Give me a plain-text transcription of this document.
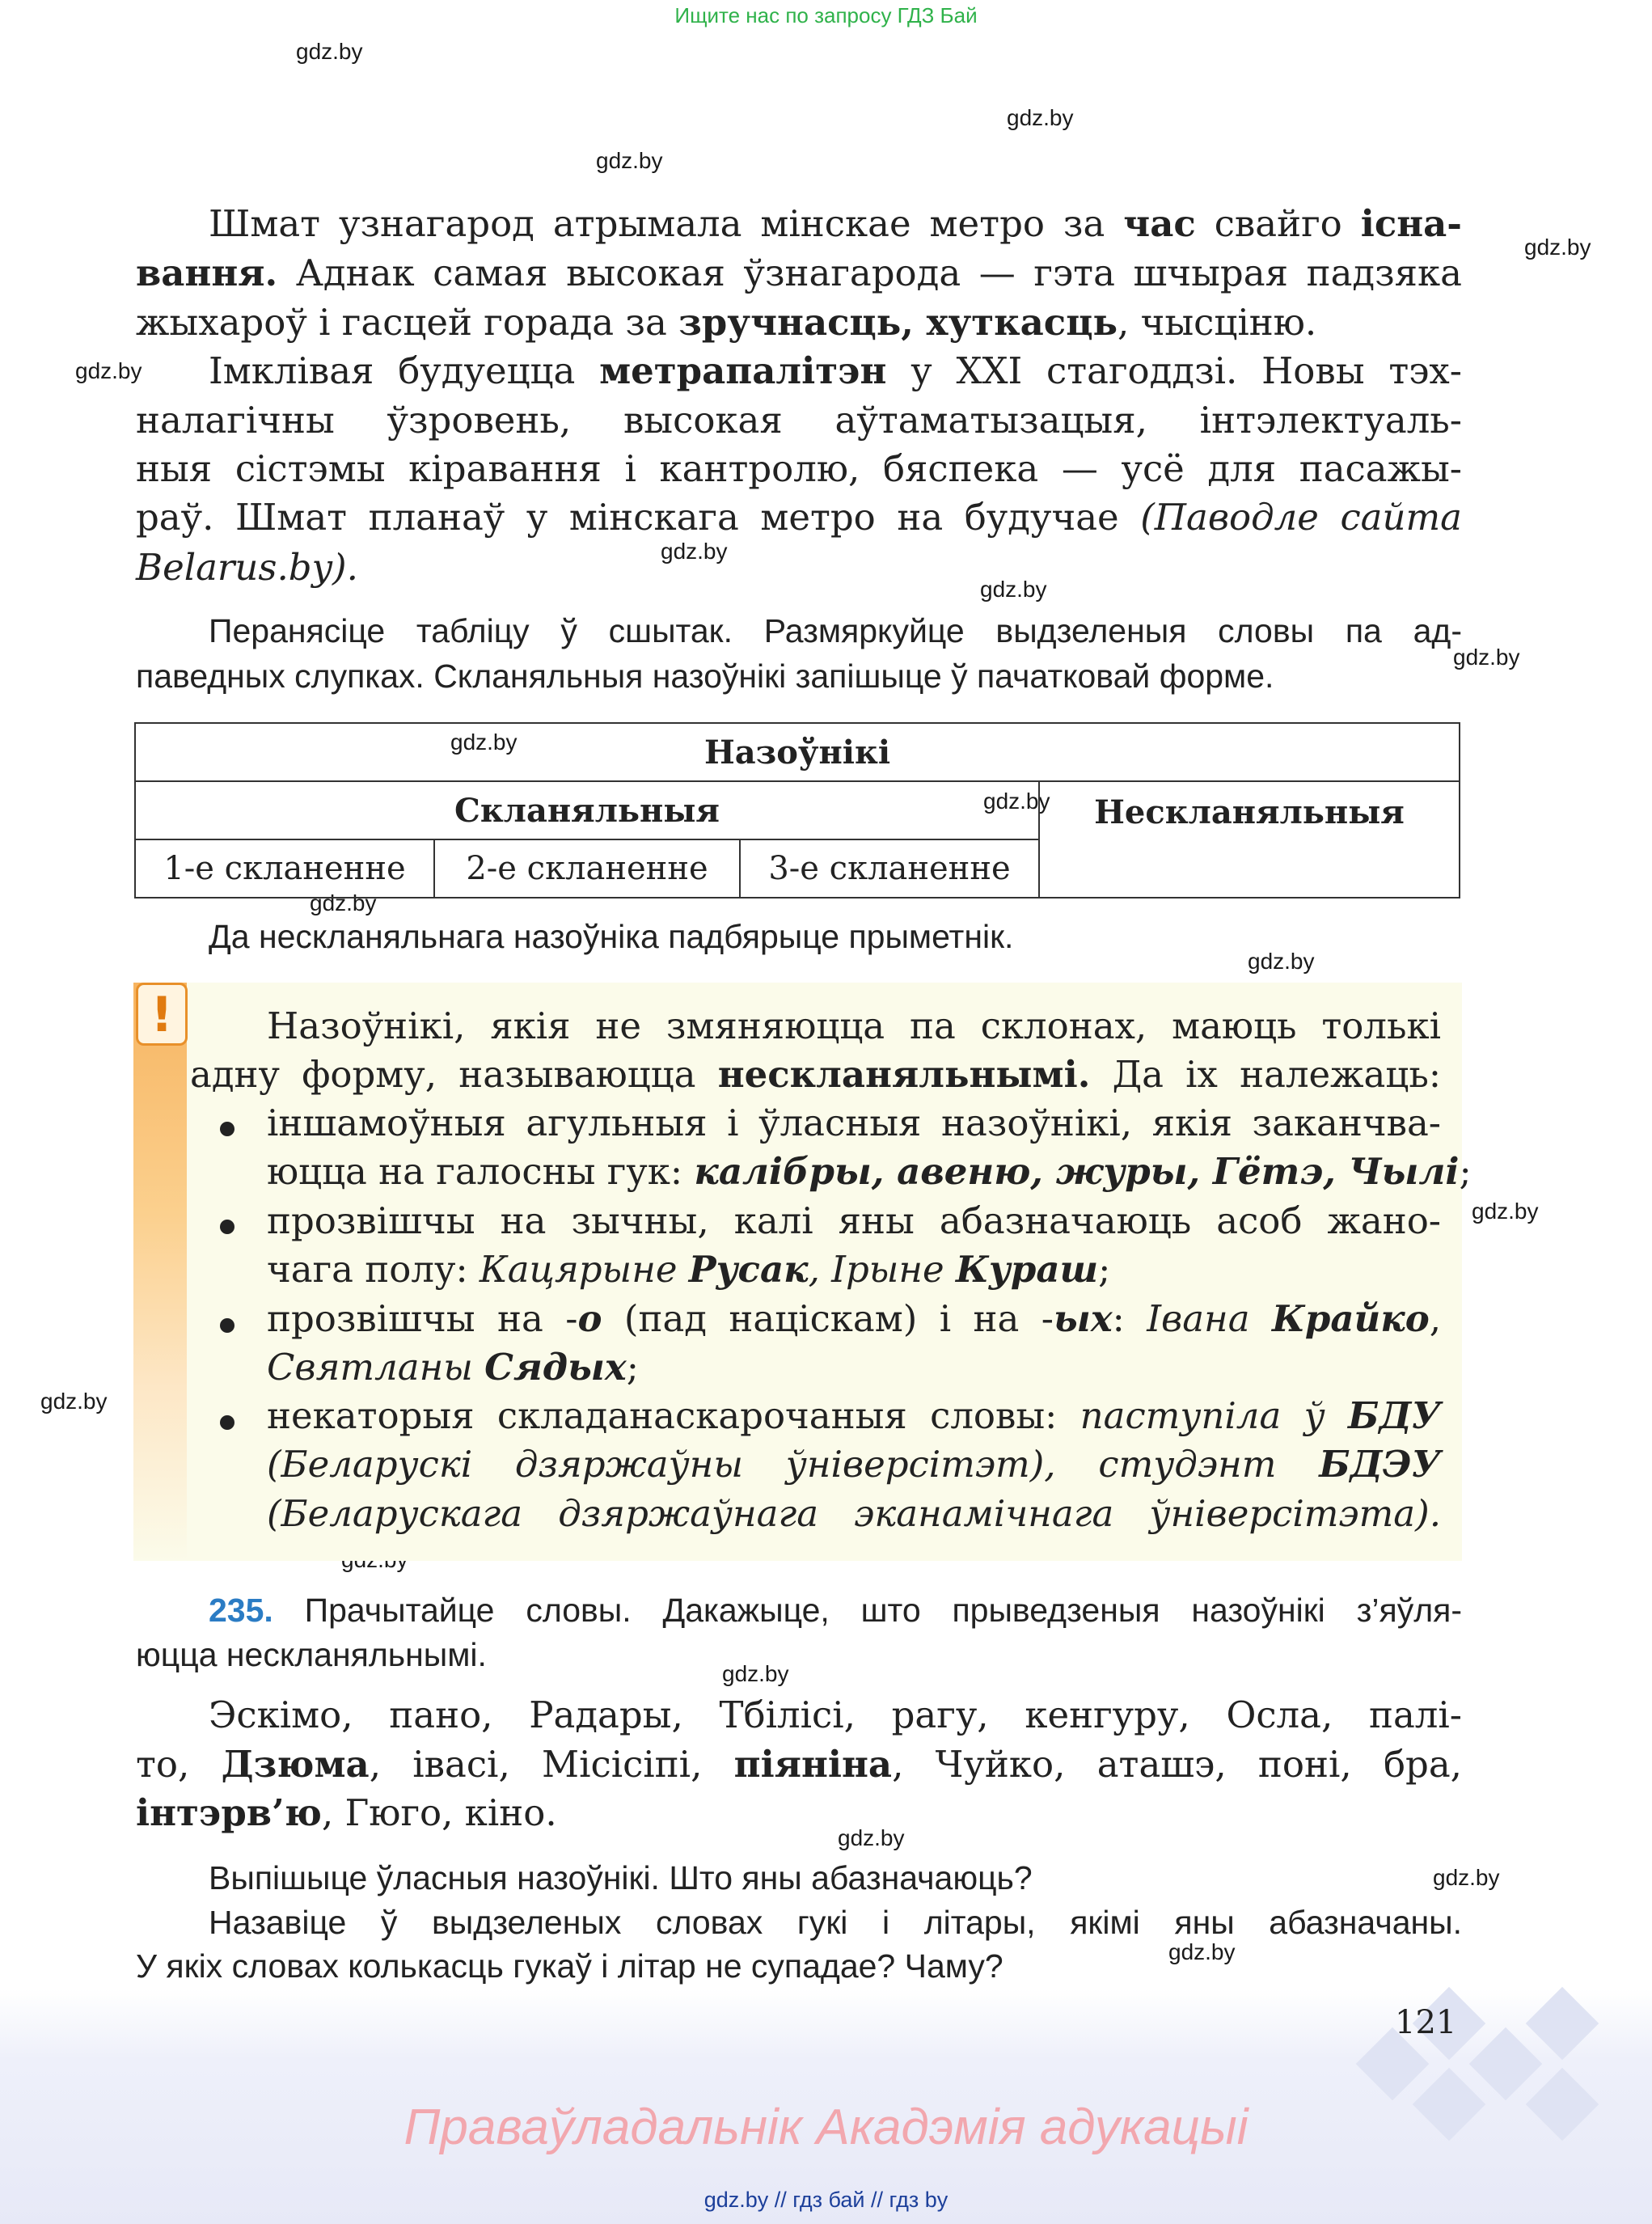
Ищите нас по запросу ГДЗ Бай
gdz.by
gdz.by
gdz.by
gdz.by
gdz.by
gdz.by
gdz.by
gdz.by
gdz.by
gdz.by
gdz.by
gdz.by
gdz.by
gdz.by
gdz.by
gdz.by
gdz.by
gdz.by
Шмат узнагарод атрымала мінскае метро за час свайго існа-
вання. Аднак самая высокая ўзнагарода — гэта шчырая падзяка
жыхароў і гасцей горада за зручнасць, хуткасць, чысціню.
Імклівая будуецца метрапалітэн у XXI стагоддзі. Новы тэх-
налагічны ўзровень, высокая аўтаматызацыя, інтэлектуаль-
ныя сістэмы кіравання і кантролю, бяспека — усё для пасажы-
раў. Шмат планаў у мінскага метро на будучае (Паводле сайта
Belarus.by).
Перанясіце табліцу ў сшытак. Размяркуйце выдзеленыя словы па ад-
паведных слупках. Скланяльныя назоўнікі запішыце ў пачатковай форме.
Назоўнікі			
Скланяльныя			Нескланяльныя
1-е скланенне	2-е скланенне	3-е скланенне	
Да нескланяльнага назоўніка падбярыце прыметнік.
!	Назоўнікі, якія не змяняюцца па склонах, маюць толькі
адну форму, называюцца нескланяльнымі. Да іх належаць:
іншамоўныя агульныя і ўласныя назоўнікі, якія заканчва-
юцца на галосны гук: калібры, авеню, журы, Гётэ, Чылі;
прозвішчы на зычны, калі яны абазначаюць асоб жано-
чага полу: Кацярыне Русак, Ірыне Кураш;
прозвішчы на -о (пад націскам) і на -ых: Івана Крайко,
Святланы Сядых;
некаторыя складанаскарочаныя словы: паступіла ў БДУ
(Беларускі дзяржаўны ўніверсітэт), студэнт БДЭУ
(Беларускага дзяржаўнага эканамічнага ўніверсітэта).
235. Прачытайце словы. Дакажыце, што прыведзеныя назоўнікі з’яўля-
юцца нескланяльнымі.
Эскімо, пано, Радары, Тбілісі, рагу, кенгуру, Осла, палі-
то, Дзюма, івасі, Місісіпі, піяніна, Чуйко, аташэ, поні, бра,
інтэрв’ю, Гюго, кіно.
Выпішыце ўласныя назоўнікі. Што яны абазначаюць?
Назавіце ў выдзеленых словах гукі і літары, якімі яны абазначаны.
У якіх словах колькасць гукаў і літар не супадае? Чаму?
121
Праваўладальнік Акадэмія адукацыі
gdz.by // гдз бай // гдз by
